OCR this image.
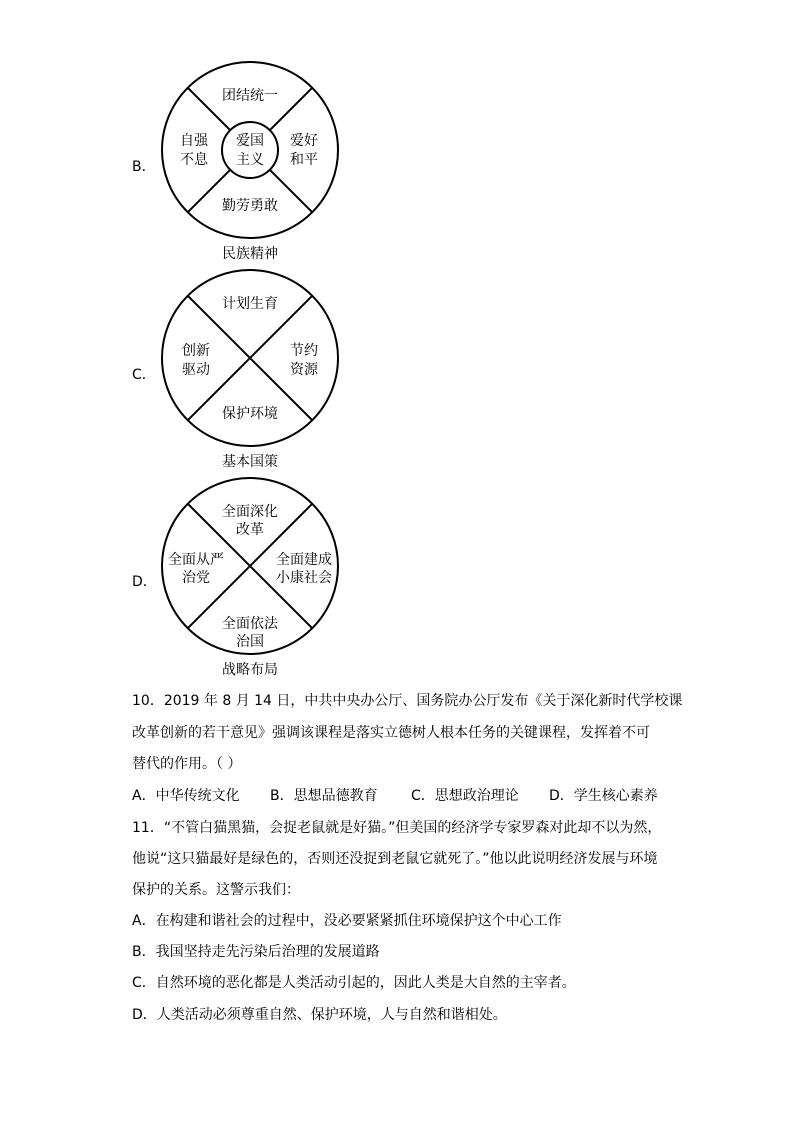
B．
爱国
主义
团结统一
自强
不息
爱好
和平
勤劳勇敢
民族精神
C．
计划生育
创新
驱动
节约
资源
保护环境
基本国策
D．
全面深化
改革
全面从严
治党
全面建成
小康社会
全面依法
治国
战略布局
10．2019 年 8 月 14 日，中共中央办公厅、国务院办公厅发布《关于深化新时代学校课
改革创新的若干意见》强调该课程是落实立德树人根本任务的关键课程，发挥着不可
替代的作用。（ ）
A．中华传统文化 B．思想品德教育 C．思想政治理论 D．学生核心素养
11．“不管白猫黑猫，会捉老鼠就是好猫。”但美国的经济学专家罗森对此却不以为然，
他说“这只猫最好是绿色的，否则还没捉到老鼠它就死了。”他以此说明经济发展与环境
保护的关系。这警示我们：
A．在构建和谐社会的过程中，没必要紧紧抓住环境保护这个中心工作
B．我国坚持走先污染后治理的发展道路
C．自然环境的恶化都是人类活动引起的，因此人类是大自然的主宰者。
D．人类活动必须尊重自然、保护环境，人与自然和谐相处。
